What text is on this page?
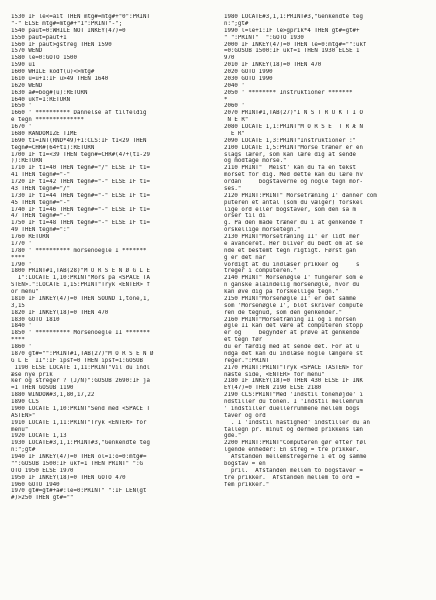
1530 IF le<=ait THEN mtg#=mtg#+"0":PRINT
"-" ELSE mtg#=mtg#+"1":PRINT"-";
1540 paut=0:WHILE NOT INKEY(47)=0
1550 paut=paut+1
1560 IF paut>gstreg THEN 1590
1570 WEND
1580 le=0:GOTO 1500
1590 u1
1600 WHILE kodf(u)<>mtg#
1610 u=u+1:IF u>49 THEN 1640
1620 WEND
1630 a#=bog#(u):RETURN
1640 ukf=1:RETURN
1650 '
1660 ' ********** Dannelse af tilfeldig
e tegn **************
1670 '
1680 RANDOMIZE TIME
1690 t1=INT(RND*49)+1:CLS:IF t1<29 THEN
tegn#=CHR#(64+t1):RETURN
1700 IF t1=<39 THEN tegn#=CHR#(47+(t1-29
)):RETURN
1710 IF t1=40 THEN tegn#="/" ELSE IF t1=
41 THEN tegn#="-"
1720 IF t1=42 THEN tegn#="-" ELSE IF t1=
43 THEN tegn#="/"
1730 IF t1=44 THEN tegn#="-" ELSE IF t1=
45 THEN tegn#="-"
1740 IF t1=46 THEN tegn#="-" ELSE IF t1=
47 THEN tegn#="-"
1750 IF t1=48 THEN tegn#="-" ELSE IF t1=
49 THEN tegn#=":"
1760 RETURN
1770 '
1780 ' ********** morsenoegle I *******
****
1790 '
1800 PRINT#1,TAB(28)"M O R S E N Ø G L E
I":LOCATE 1,10:PRINT"Mors pa <SPACE TA
STEN>.":LOCATE 1,15:PRINT"Tryk <ENTER> f
or menu"
1810 IF INKEY(47)=0 THEN SOUND 1,tone,1,
3,15
1820 IF INKEY(18)=0 THEN 470
1830 GOTO 1810
1840 '
1850 ' ********** Morsenoegle II *******
****
1860 '
1870 gt#="":PRINT#1,TAB(27)"M O R S E N Ø
G L E  II":IF ipsf=0 THEN ipsf=1:GOSUB
1190 ELSE LOCATE 1,11:PRINT"Vil du indl
æse nye prik
ker og streger ? (J/N)":GOSUB 2690:IF ja
=1 THEN GOSUB 1190
1880 WINDOW#3,1,80,17,22
1890 CLS
1900 LOCATE 1,10:PRINT"Send med <SPACE T
ASTEN>"
1910 LOCATE 1,11:PRINT"Tryk <ENTER> for
menu"
1920 LOCATE 1,13
1930 LOCATE#3,1,1:PRINT#3,"Genkendte teg
n:";gt#
1940 IF INKEY(47)=0 THEN ol=1:o=0:mtg#=
"":GOSUB 1500:IF ukf=1 THEN PRINT" ":G
OTO 1950 ELSE 1970
1950 IF INKEY(18)=0 THEN GOTO 470
1960 GOTO 1940
1970 gt#=gt#+a#:le=0:PRINT" ":IF LEN(gt
#)>250 THEN gt#=""
1980 LOCATE#3,1,1:PRINT#3,"Genkendte teg
n:";gt#
1990 l=le+1:IF le>gprik*4 THEN gt#=gt#+
" ":PRINT"  ":GOTO 1930
2000 IF INKEY(47)=0 THEN le=0:mtg#="":ukf
=0:GOSUB 1500:IF ukf=1 THEN 1930 ELSE 1
970
2010 IF INKEY(18)=0 THEN 470
2020 GOTO 1990
2030 GOTO 1990
2040 '
2050 ' ******** Instruktioner *******
*
2060 '
2070 PRINT#1,TAB(27)"I N S T R U K T I O
N E R"
2080 LOCATE 1,1:PRINT"M O R S E  T R Æ N
E R"
2090 LOCATE 1,3:PRINT"Instruktioner :"
2100 LOCATE 1,5:PRINT"Morse træner er en
slags lærer, som kan lære dig at sende
og modtage morse."
2110 PRINT"  Meist' kan du få en tekst
morset for dig. Med dette kan du lære hv
ordan     bogstaverne og nogle tegn mor-
ses."
2120 PRINT:PRINT" Morsetræning I' danner com
puteren et antal (som du vælger) forskel
lige ord eller bogstaver, som den så m
orser til di
g. På den måde træner du i at genkende f
orskellige morsetegn."
2130 PRINT"Morsetræning II' er lidt mer
e avanceret. Her bliver du bedt om at se
nde et bestemt tegn rigtigt. Først gan
g er det når
vordigt at du indlæser prikker og     s
treger i computeren."
2140 PRINT" Morsenøgle I' fungerer som e
n ganske alaindelig morsenøgle, hvor du
kan øve dig på forskellige tegn."
2150 PRINT"Morsenøgle II' er det samme
som 'Morsenøgle I', blot skriver compute
ren de tegnud, som den genkender."
2160 PRINT"Morsetræning II og i morsen
øgle II kan det være at computeren stopp
er og     begynder at prøve at genkende
et tegn før
du er færdig med at sende det. For at u
ndgå det kan du indlæse nogle længere st
reger.":PRINT
2170 PRINT:PRINT"Tryk <SPACE TASTEN> for
næste side, <ENTER> for menu"
2180 IF INKEY(18)=0 THEN 430 ELSE IF INK
EY(47)=0 THEN 2190 ELSE 2180
2190 CLS:PRINT"Med 'Indstil tonehøjde' i
ndstiller du tonen. I 'Indstil mellemrum
' indstiller duellerrummene mellem bogs
taver og ord
. I 'Indstil hastighed' indstiller du an
tallegn pr. minut og dermed prikkens læn
gde."
2200 PRINT:PRINT"Computeren gør efter føl
lgende enheder: En streg = tre prikker.
Afstanden mellemstregerne i et og samme
bogstav = en
pril.  Afstanden mellem to bogstaver =
tre prikker.  Afstanden mellem to ord =
fem prikker."
